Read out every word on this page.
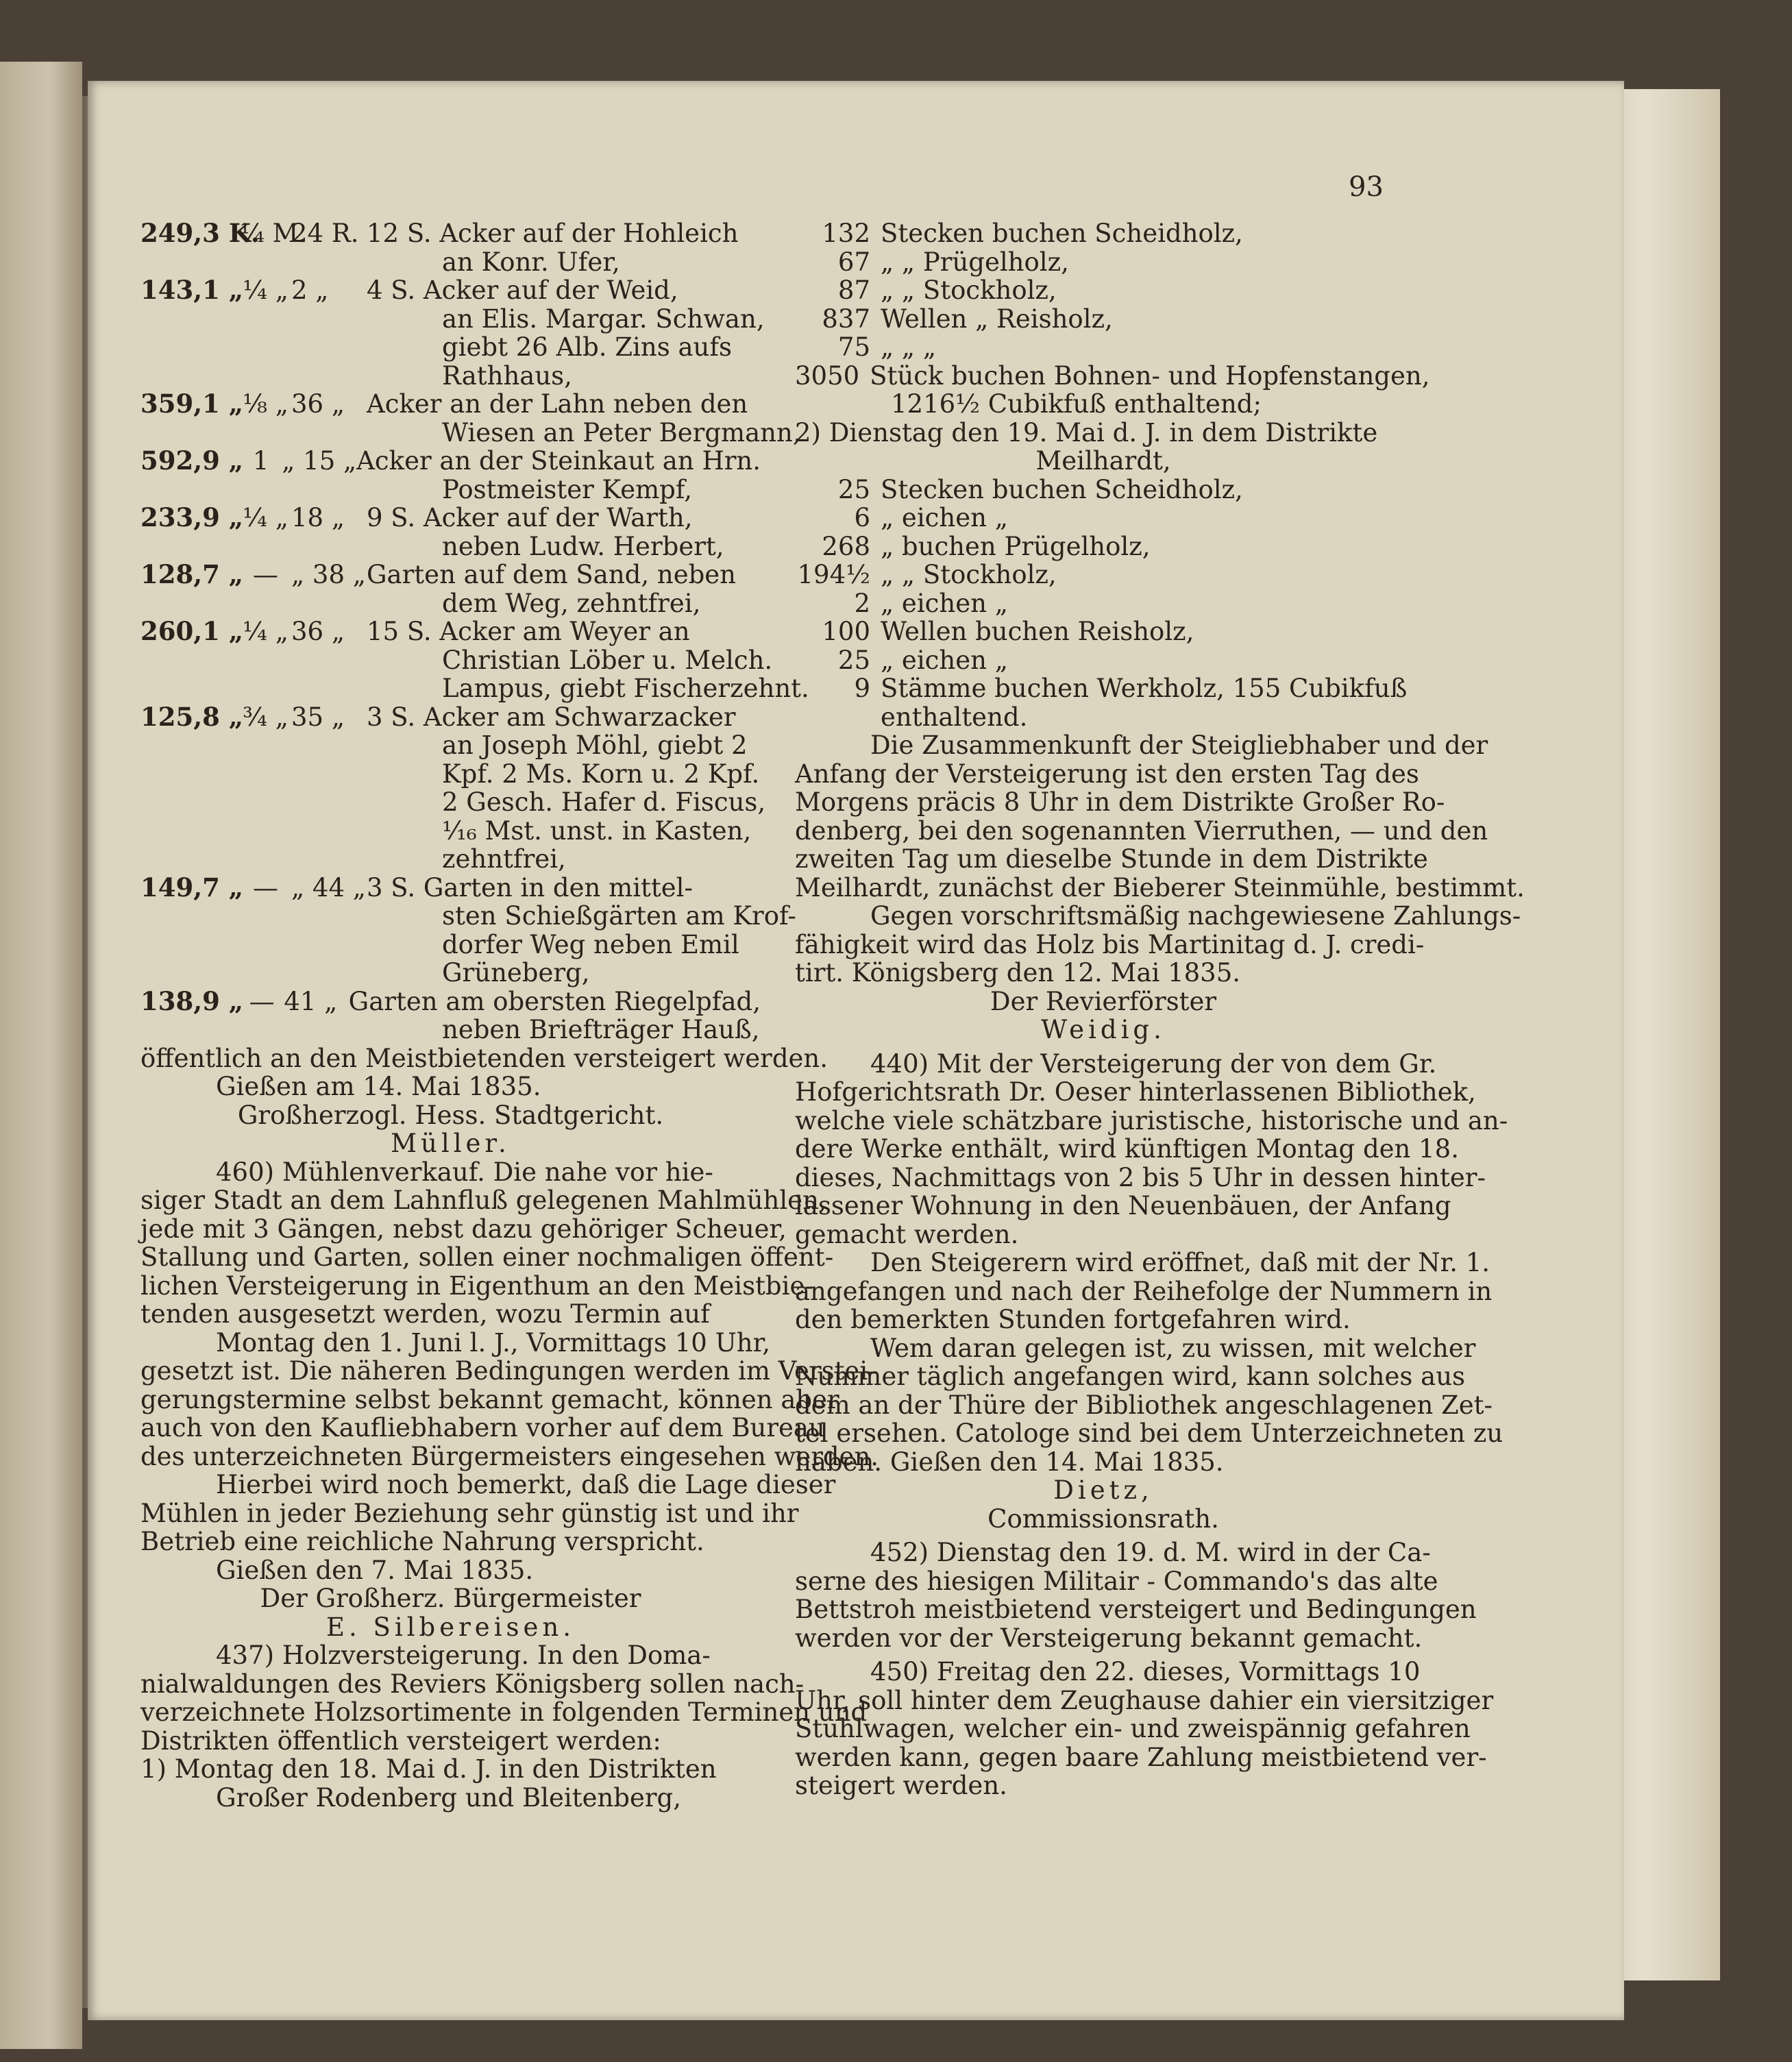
93
249,3 K.
¼ M.
24 R. 12 S. Acker auf der Hohleich
an Konr. Ufer,
143,1 „ ¼ „ 2 „	4 S. Acker auf der Weid,
an Elis. Margar. Schwan,
giebt 26 Alb. Zins aufs
Rathhaus,
359,1 „ ⅛ „ 36 „ Acker an der Lahn neben den
Wiesen an Peter Bergmann,
592,9 „ 1 „ 15 „ Acker an der Steinkaut an Hrn.
Postmeister Kempf,
233,9 „ ¼ „ 18 „ 9 S. Acker auf der Warth,
neben Ludw. Herbert,
128,7 „ — „ 38 „ Garten auf dem Sand, neben
dem Weg, zehntfrei,
260,1 „ ¼ „ 36 „ 15 S. Acker am Weyer an
Christian Löber u. Melch.
Lampus, giebt Fischerzehnt.
125,8 „ ¾ „ 35 „ 3 S. Acker am Schwarzacker
an Joseph Möhl, giebt 2
Kpf. 2 Ms. Korn u. 2 Kpf.
2 Gesch. Hafer d. Fiscus,
¹⁄₁₆ Mst. unst. in Kasten,
zehntfrei,
149,7 „ — „ 44 „ 3 S. Garten in den mittel-
sten Schießgärten am Krof-
dorfer Weg neben Emil
Grüneberg,
138,9 „ — 41 „ Garten am obersten Riegelpfad,
neben Briefträger Hauß,
öffentlich an den Meistbietenden versteigert werden.
Gießen am 14. Mai 1835.
Großherzogl. Hess. Stadtgericht.
Müller.
460) Mühlenverkauf. Die nahe vor hie-
siger Stadt an dem Lahnfluß gelegenen Mahlmühlen,
jede mit 3 Gängen, nebst dazu gehöriger Scheuer,
Stallung und Garten, sollen einer nochmaligen öffent-
lichen Versteigerung in Eigenthum an den Meistbie-
tenden ausgesetzt werden, wozu Termin auf
Montag den 1. Juni l. J., Vormittags 10 Uhr,
gesetzt ist. Die näheren Bedingungen werden im Verstei-
gerungstermine selbst bekannt gemacht, können aber
auch von den Kaufliebhabern vorher auf dem Bureau
des unterzeichneten Bürgermeisters eingesehen werden.
Hierbei wird noch bemerkt, daß die Lage dieser
Mühlen in jeder Beziehung sehr günstig ist und ihr
Betrieb eine reichliche Nahrung verspricht.
Gießen den 7. Mai 1835.
Der Großherz. Bürgermeister
E. Silbereisen.
437) Holzversteigerung. In den Doma-
nialwaldungen des Reviers Königsberg sollen nach-
verzeichnete Holzsortimente in folgenden Terminen und
Distrikten öffentlich versteigert werden:
1) Montag den 18. Mai d. J. in den Distrikten
Großer Rodenberg und Bleitenberg,
132 Stecken buchen Scheidholz,
67 „ „ Prügelholz,
87 „ „ Stockholz,
837 Wellen „ Reisholz,
75 „ „ „
3050 Stück buchen Bohnen- und Hopfenstangen,
1216½ Cubikfuß enthaltend;
2) Dienstag den 19. Mai d. J. in dem Distrikte
Meilhardt,
25 Stecken buchen Scheidholz,
6 „ eichen „
268 „ buchen Prügelholz,
194½ „ „ Stockholz,
2 „ eichen „
100 Wellen buchen Reisholz,
25 „ eichen „
9 Stämme buchen Werkholz, 155 Cubikfuß
enthaltend.
Die Zusammenkunft der Steigliebhaber und der
Anfang der Versteigerung ist den ersten Tag des
Morgens präcis 8 Uhr in dem Distrikte Großer Ro-
denberg, bei den sogenannten Vierruthen, — und den
zweiten Tag um dieselbe Stunde in dem Distrikte
Meilhardt, zunächst der Bieberer Steinmühle, bestimmt.
Gegen vorschriftsmäßig nachgewiesene Zahlungs-
fähigkeit wird das Holz bis Martinitag d. J. credi-
tirt. Königsberg den 12. Mai 1835.
Der Revierförster
Weidig.
440) Mit der Versteigerung der von dem Gr.
Hofgerichtsrath Dr. Oeser hinterlassenen Bibliothek,
welche viele schätzbare juristische, historische und an-
dere Werke enthält, wird künftigen Montag den 18.
dieses, Nachmittags von 2 bis 5 Uhr in dessen hinter-
lassener Wohnung in den Neuenbäuen, der Anfang
gemacht werden.
Den Steigerern wird eröffnet, daß mit der Nr. 1.
angefangen und nach der Reihefolge der Nummern in
den bemerkten Stunden fortgefahren wird.
Wem daran gelegen ist, zu wissen, mit welcher
Nummer täglich angefangen wird, kann solches aus
dem an der Thüre der Bibliothek angeschlagenen Zet-
tel ersehen. Catologe sind bei dem Unterzeichneten zu
haben. Gießen den 14. Mai 1835.
Dietz,
Commissionsrath.
452) Dienstag den 19. d. M. wird in der Ca-
serne des hiesigen Militair - Commando's das alte
Bettstroh meistbietend versteigert und Bedingungen
werden vor der Versteigerung bekannt gemacht.
450) Freitag den 22. dieses, Vormittags 10
Uhr, soll hinter dem Zeughause dahier ein viersitziger
Stuhlwagen, welcher ein- und zweispännig gefahren
werden kann, gegen baare Zahlung meistbietend ver-
steigert werden.
